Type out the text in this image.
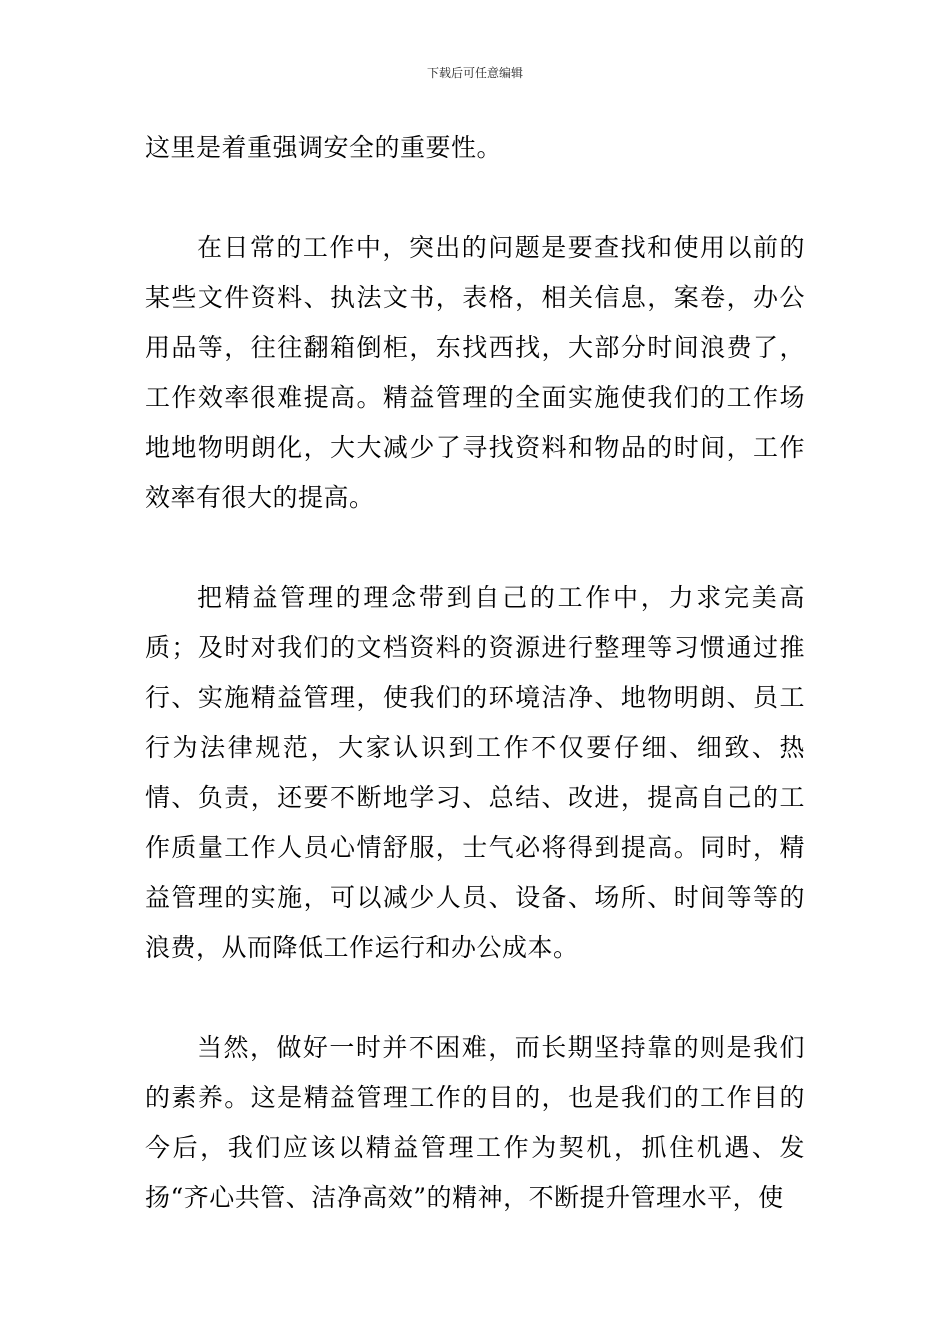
下载后可任意编辑

这里是着重强调安全的重要性。

在日常的工作中，突出的问题是要查找和使用以前的某些文件资料、执法文书，表格，相关信息，案卷，办公用品等，往往翻箱倒柜，东找西找，大部分时间浪费了，工作效率很难提高。精益管理的全面实施使我们的工作场地地物明朗化，大大减少了寻找资料和物品的时间，工作效率有很大的提高。

把精益管理的理念带到自己的工作中，力求完美高质；及时对我们的文档资料的资源进行整理等习惯通过推行、实施精益管理，使我们的环境洁净、地物明朗、员工行为法律规范，大家认识到工作不仅要仔细、细致、热情、负责，还要不断地学习、总结、改进，提高自己的工作质量工作人员心情舒服，士气必将得到提高。同时，精益管理的实施，可以减少人员、设备、场所、时间等等的浪费，从而降低工作运行和办公成本。

当然，做好一时并不困难，而长期坚持靠的则是我们的素养。这是精益管理工作的目的，也是我们的工作目的今后，我们应该以精益管理工作为契机，抓住机遇、发扬“齐心共管、洁净高效”的精神，不断提升管理水平，使
